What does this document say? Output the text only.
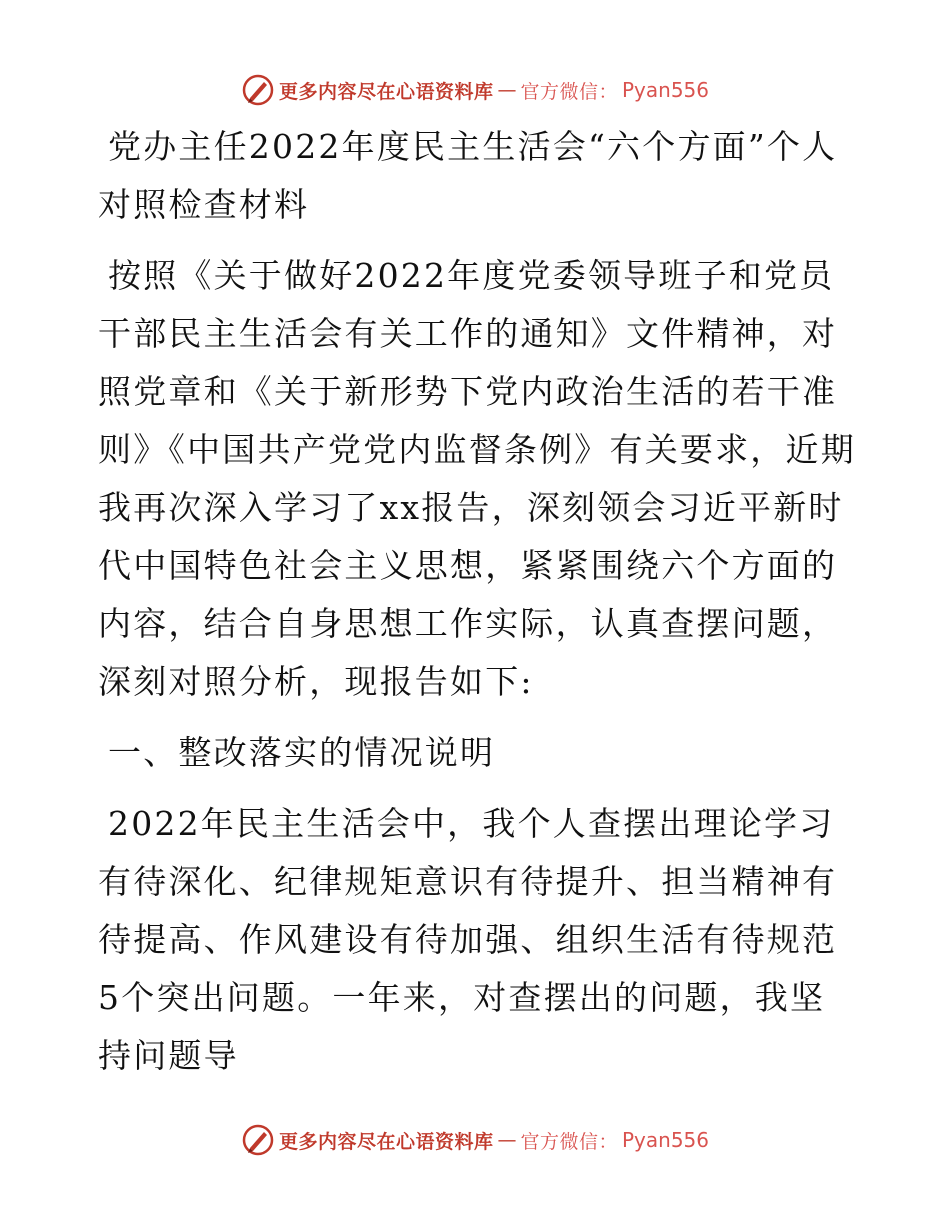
更多内容尽在心语资料库 — 官方微信： Pyan556

党办主任2022年度民主生活会“六个方面”个人对照检查材料

按照《关于做好2022年度党委领导班子和党员干部民主生活会有关工作的通知》文件精神，对照党章和《关于新形势下党内政治生活的若干准则》《中国共产党党内监督条例》有关要求，近期我再次深入学习了xx报告，深刻领会习近平新时代中国特色社会主义思想，紧紧围绕六个方面的内容，结合自身思想工作实际，认真查摆问题，深刻对照分析，现报告如下:

一、整改落实的情况说明

2022年民主生活会中，我个人查摆出理论学习有待深化、纪律规矩意识有待提升、担当精神有待提高、作风建设有待加强、组织生活有待规范5个突出问题。一年来，对查摆出的问题，我坚持问题导

更多内容尽在心语资料库 — 官方微信： Pyan556
